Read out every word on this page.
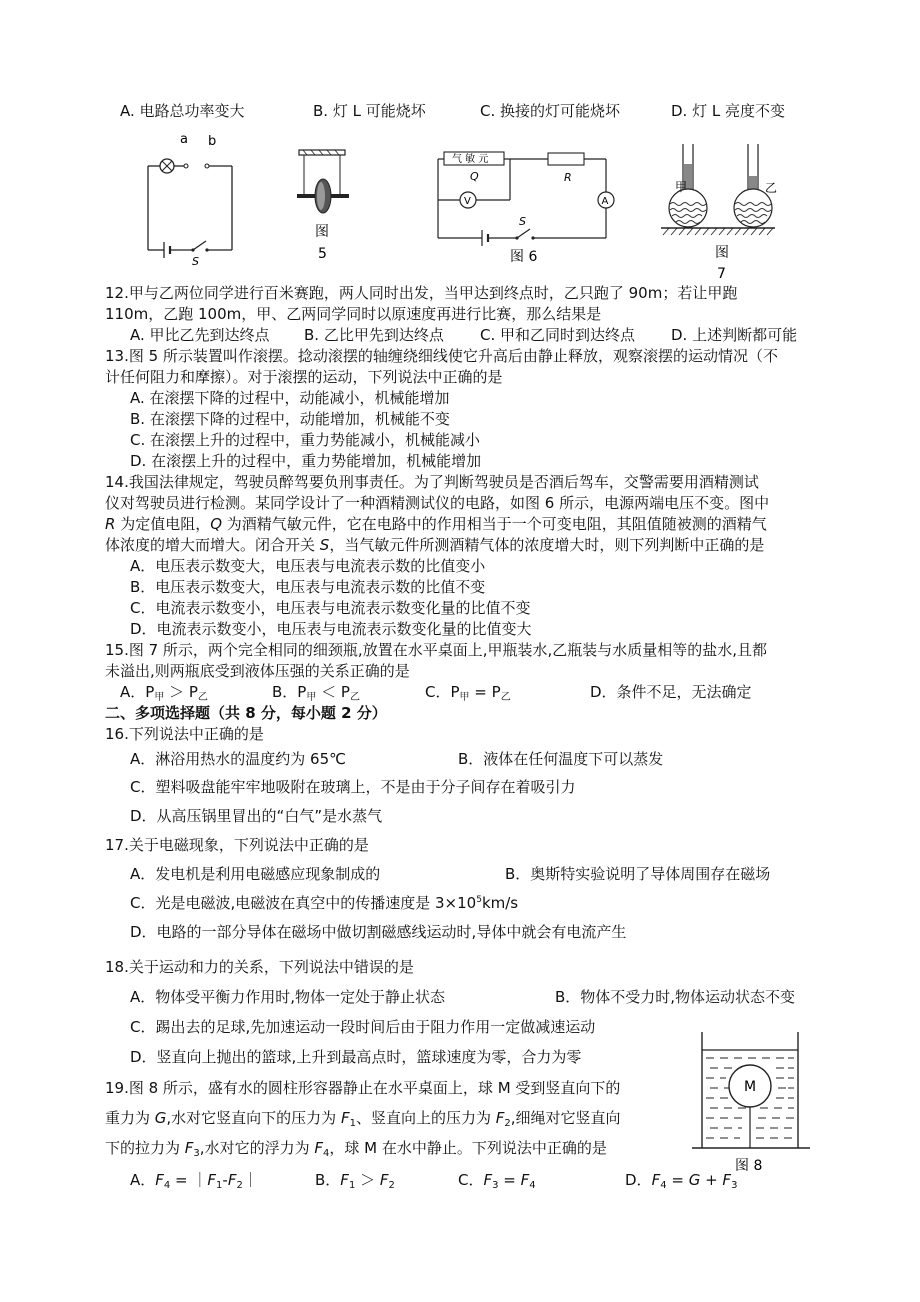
A. 电路总功率变大	B. 灯 L 可能烧坏	C. 换接的灯可能烧坏	D. 灯 L 亮度不变
a b
S
图
5
气 敏 元
Q	R
A
V
S
图 6
甲	乙
图
7
12.甲与乙两位同学进行百米赛跑，两人同时出发，当甲达到终点时，乙只跑了 90m；若让甲跑
110m，乙跑 100m，甲、乙两同学同时以原速度再进行比赛，那么结果是
A. 甲比乙先到达终点 B. 乙比甲先到达终点 C. 甲和乙同时到达终点 D. 上述判断都可能
13.图 5 所示装置叫作滚摆。捻动滚摆的轴缠绕细线使它升高后由静止释放，观察滚摆的运动情况（不
计任何阻力和摩擦）。对于滚摆的运动，下列说法中正确的是
A. 在滚摆下降的过程中，动能减小，机械能增加
B. 在滚摆下降的过程中，动能增加，机械能不变
C. 在滚摆上升的过程中，重力势能减小，机械能减小
D. 在滚摆上升的过程中，重力势能增加，机械能增加
14.我国法律规定，驾驶员醉驾要负刑事责任。为了判断驾驶员是否酒后驾车，交警需要用酒精测试
仪对驾驶员进行检测。某同学设计了一种酒精测试仪的电路，如图 6 所示，电源两端电压不变。图中
R 为定值电阻，Q 为酒精气敏元件，它在电路中的作用相当于一个可变电阻，其阻值随被测的酒精气
体浓度的增大而增大。闭合开关 S，当气敏元件所测酒精气体的浓度增大时，则下列判断中正确的是
A．电压表示数变大，电压表与电流表示数的比值变小
B．电压表示数变大，电压表与电流表示数的比值不变
C．电流表示数变小，电压表与电流表示数变化量的比值不变
D．电流表示数变小，电压表与电流表示数变化量的比值变大
15.图 7 所示，两个完全相同的细颈瓶,放置在水平桌面上,甲瓶装水,乙瓶装与水质量相等的盐水,且都
未溢出,则两瓶底受到液体压强的关系正确的是
A．$P_甲 > P_乙$	B．$P_甲 < P_乙$	C．$P_甲 = P_乙$	D．条件不足，无法确定
二、多项选择题（共 8 分，每小题 2 分）
16.下列说法中正确的是
A．淋浴用热水的温度约为 65℃	B．液体在任何温度下可以蒸发
C．塑料吸盘能牢牢地吸附在玻璃上，不是由于分子间存在着吸引力
D．从高压锅里冒出的“白气”是水蒸气
17.关于电磁现象，下列说法中正确的是
A．发电机是利用电磁感应现象制成的	B．奥斯特实验说明了导体周围存在磁场
C．光是电磁波,电磁波在真空中的传播速度是 $3\times 10^5km/s$
D．电路的一部分导体在磁场中做切割磁感线运动时,导体中就会有电流产生
18.关于运动和力的关系，下列说法中错误的是
A．物体受平衡力作用时,物体一定处于静止状态	B．物体不受力时,物体运动状态不变
C．踢出去的足球,先加速运动一段时间后由于阻力作用一定做减速运动
D．竖直向上抛出的篮球,上升到最高点时，篮球速度为零，合力为零
19.图 8 所示，盛有水的圆柱形容器静止在水平桌面上，球 M 受到竖直向下的
重力为 G,水对它竖直向下的压力为 $F_1$、竖直向上的压力为 $F_2$,细绳对它竖直向
下的拉力为 $F_3$,水对它的浮力为 $F_4$，球 M 在水中静止。下列说法中正确的是
A．$F_4$ = $|F_1-F_2|$	B．$F_1 > F_2$	C．$F_3 = F_4$	D．$F_4 = G + F_3$
M
图 8
